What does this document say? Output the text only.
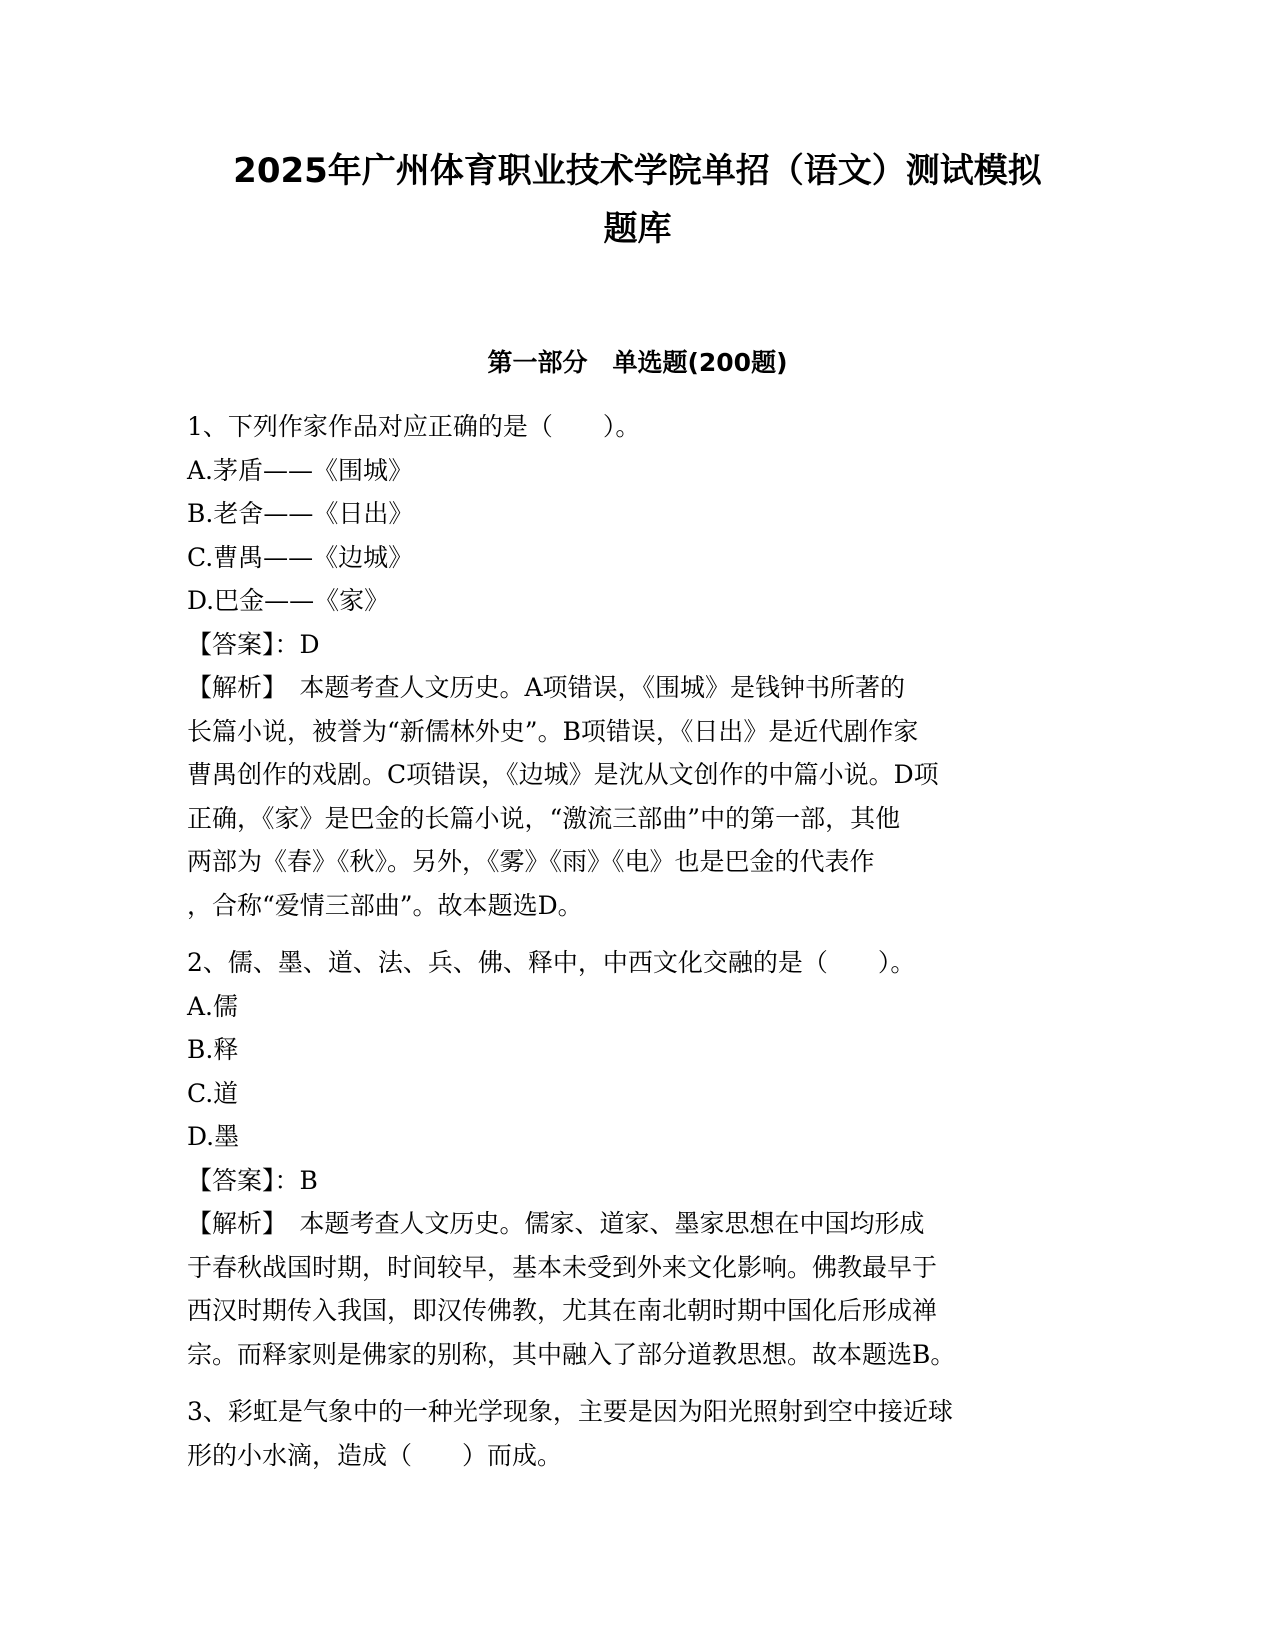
2025年广州体育职业技术学院单招（语文）测试模拟
题库
第一部分　单选题(200题)

1、下列作家作品对应正确的是（　　）。

A.茅盾——《围城》

B.老舍——《日出》

C.曹禺——《边城》

D.巴金——《家》

【答案】：D

【解析】　本题考查人文历史。A项错误，《围城》是钱钟书所著的

长篇小说，被誉为“新儒林外史”。B项错误，《日出》是近代剧作家

曹禺创作的戏剧。C项错误，《边城》是沈从文创作的中篇小说。D项

正确，《家》是巴金的长篇小说，“激流三部曲”中的第一部，其他

两部为《春》《秋》。另外，《雾》《雨》《电》也是巴金的代表作

，合称“爱情三部曲”。故本题选D。

2、儒、墨、道、法、兵、佛、释中，中西文化交融的是（　　）。

A.儒

B.释

C.道

D.墨

【答案】：B

【解析】　本题考查人文历史。儒家、道家、墨家思想在中国均形成

于春秋战国时期，时间较早，基本未受到外来文化影响。佛教最早于

西汉时期传入我国，即汉传佛教，尤其在南北朝时期中国化后形成禅

宗。而释家则是佛家的别称，其中融入了部分道教思想。故本题选B。

3、彩虹是气象中的一种光学现象，主要是因为阳光照射到空中接近球

形的小水滴，造成（　　）而成。
